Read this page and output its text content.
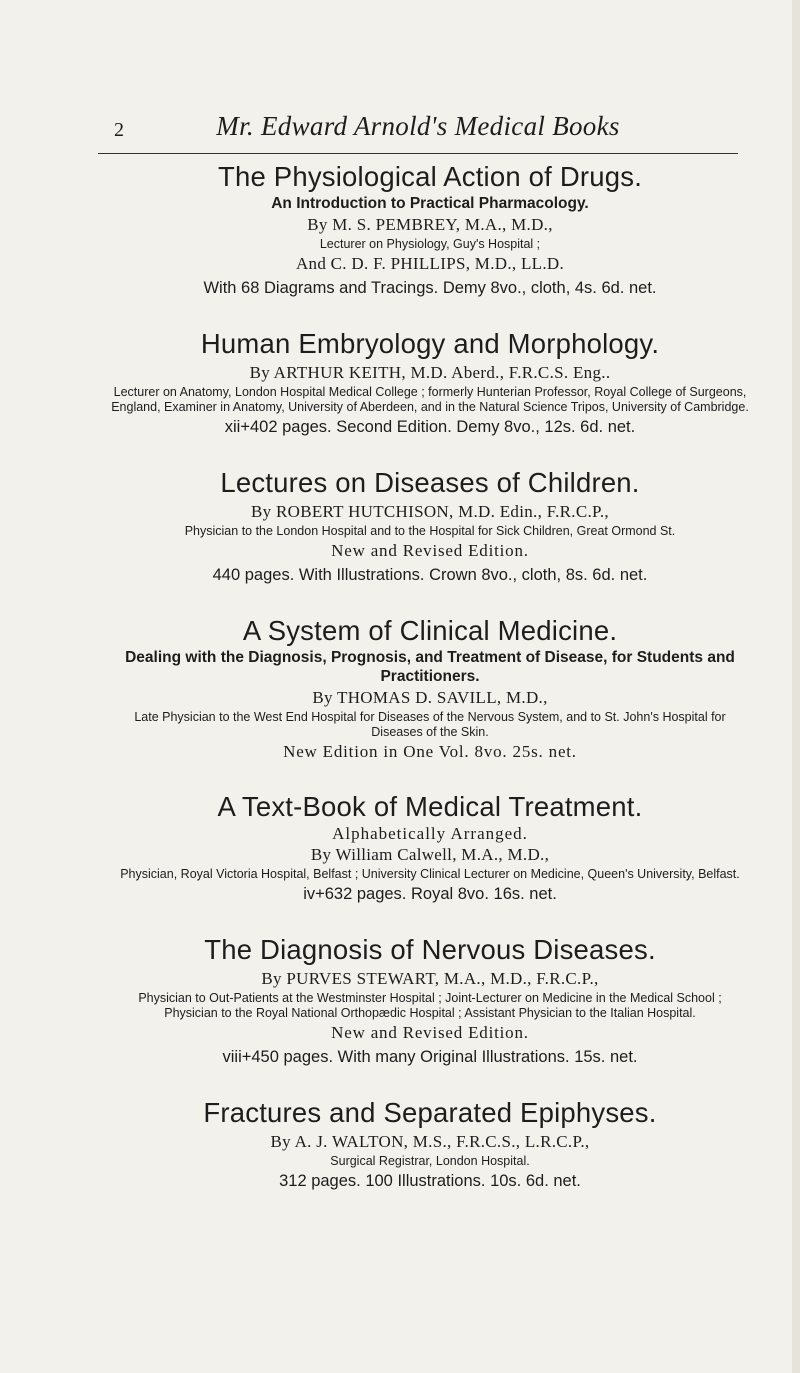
2	Mr. Edward Arnold's Medical Books
The Physiological Action of Drugs.
An Introduction to Practical Pharmacology.
By M. S. PEMBREY, M.A., M.D.,
Lecturer on Physiology, Guy's Hospital ;
And C. D. F. PHILLIPS, M.D., LL.D.
With 68 Diagrams and Tracings. Demy 8vo., cloth, 4s. 6d. net.
Human Embryology and Morphology.
By ARTHUR KEITH, M.D. Aberd., F.R.C.S. Eng..
Lecturer on Anatomy, London Hospital Medical College ; formerly Hunterian Professor, Royal College of Surgeons, England, Examiner in Anatomy, University of Aberdeen, and in the Natural Science Tripos, University of Cambridge.
xii+402 pages. Second Edition. Demy 8vo., 12s. 6d. net.
Lectures on Diseases of Children.
By ROBERT HUTCHISON, M.D. Edin., F.R.C.P.,
Physician to the London Hospital and to the Hospital for Sick Children, Great Ormond St.
New and Revised Edition.
440 pages. With Illustrations. Crown 8vo., cloth, 8s. 6d. net.
A System of Clinical Medicine.
Dealing with the Diagnosis, Prognosis, and Treatment of Disease, for Students and Practitioners.
By THOMAS D. SAVILL, M.D.,
Late Physician to the West End Hospital for Diseases of the Nervous System, and to St. John's Hospital for Diseases of the Skin.
New Edition in One Vol. 8vo. 25s. net.
A Text-Book of Medical Treatment.
Alphabetically Arranged.
By William Calwell, M.A., M.D.,
Physician, Royal Victoria Hospital, Belfast ; University Clinical Lecturer on Medicine, Queen's University, Belfast.
iv+632 pages. Royal 8vo. 16s. net.
The Diagnosis of Nervous Diseases.
By PURVES STEWART, M.A., M.D., F.R.C.P.,
Physician to Out-Patients at the Westminster Hospital ; Joint-Lecturer on Medicine in the Medical School ; Physician to the Royal National Orthopædic Hospital ; Assistant Physician to the Italian Hospital.
New and Revised Edition.
viii+450 pages. With many Original Illustrations. 15s. net.
Fractures and Separated Epiphyses.
By A. J. WALTON, M.S., F.R.C.S., L.R.C.P.,
Surgical Registrar, London Hospital.
312 pages. 100 Illustrations. 10s. 6d. net.
